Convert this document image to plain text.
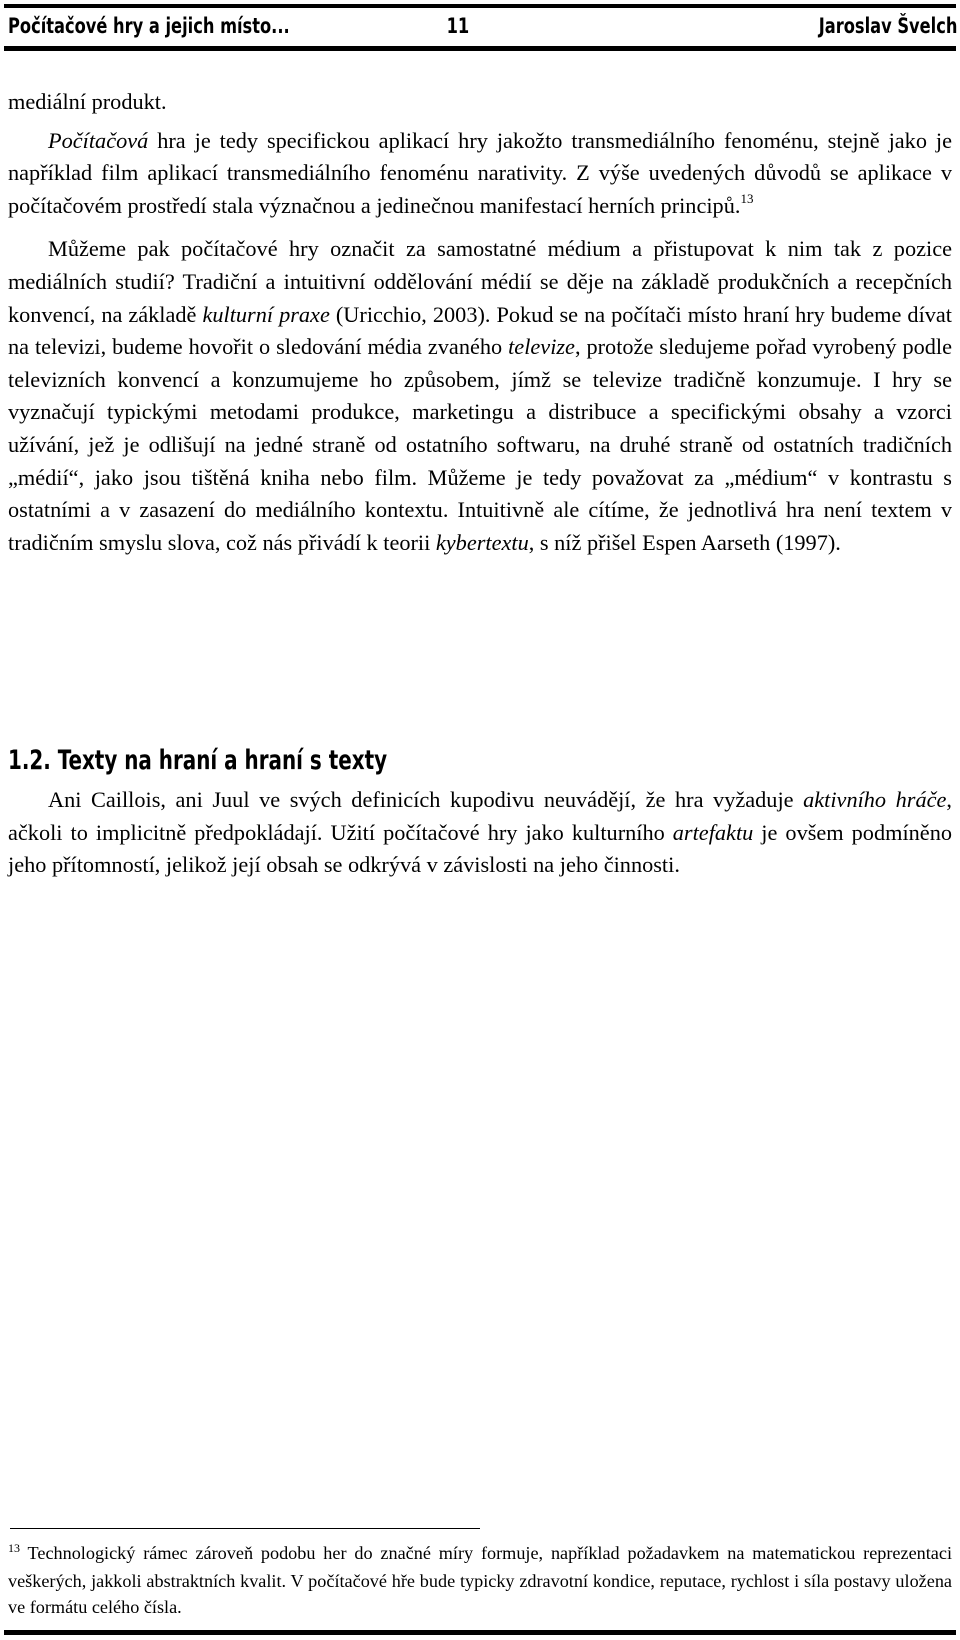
Počítačové hry a jejich místo...	11	Jaroslav Švelch

mediální produkt.

Počítačová hra je tedy specifickou aplikací hry jakožto transmediálního fenoménu, stejně jako je například film aplikací transmediálního fenoménu narativity. Z výše uvedených důvodů se aplikace v počítačovém prostředí stala význačnou a jedinečnou manifestací herních principů.$^{13}$

Můžeme pak počítačové hry označit za samostatné médium a přistupovat k nim tak z pozice mediálních studií? Tradiční a intuitivní oddělování médií se děje na základě produkčních a recepčních konvencí, na základě kulturní praxe (Uricchio, 2003). Pokud se na počítači místo hraní hry budeme dívat na televizi, budeme hovořit o sledování média zvaného televize, protože sledujeme pořad vyrobený podle televizních konvencí a konzumujeme ho způsobem, jímž se televize tradičně konzumuje. I hry se vyznačují typickými metodami produkce, marketingu a distribuce a specifickými obsahy a vzorci užívání, jež je odlišují na jedné straně od ostatního softwaru, na druhé straně od ostatních tradičních „médií“, jako jsou tištěná kniha nebo film. Můžeme je tedy považovat za „médium“ v kontrastu s ostatními a v zasazení do mediálního kontextu. Intuitivně ale cítíme, že jednotlivá hra není textem v tradičním smyslu slova, což nás přivádí k teorii kybertextu, s níž přišel Espen Aarseth (1997).

1.2. Texty na hraní a hraní s texty

Ani Caillois, ani Juul ve svých definicích kupodivu neuvádějí, že hra vyžaduje aktivního hráče, ačkoli to implicitně předpokládají. Užití počítačové hry jako kulturního artefaktu je ovšem podmíněno jeho přítomností, jelikož její obsah se odkrývá v závislosti na jeho činnosti.

$^{13}$ Technologický rámec zároveň podobu her do značné míry formuje, například požadavkem na matematickou reprezentaci veškerých, jakkoli abstraktních kvalit. V počítačové hře bude typicky zdravotní kondice, reputace, rychlost i síla postavy uložena ve formátu celého čísla.
